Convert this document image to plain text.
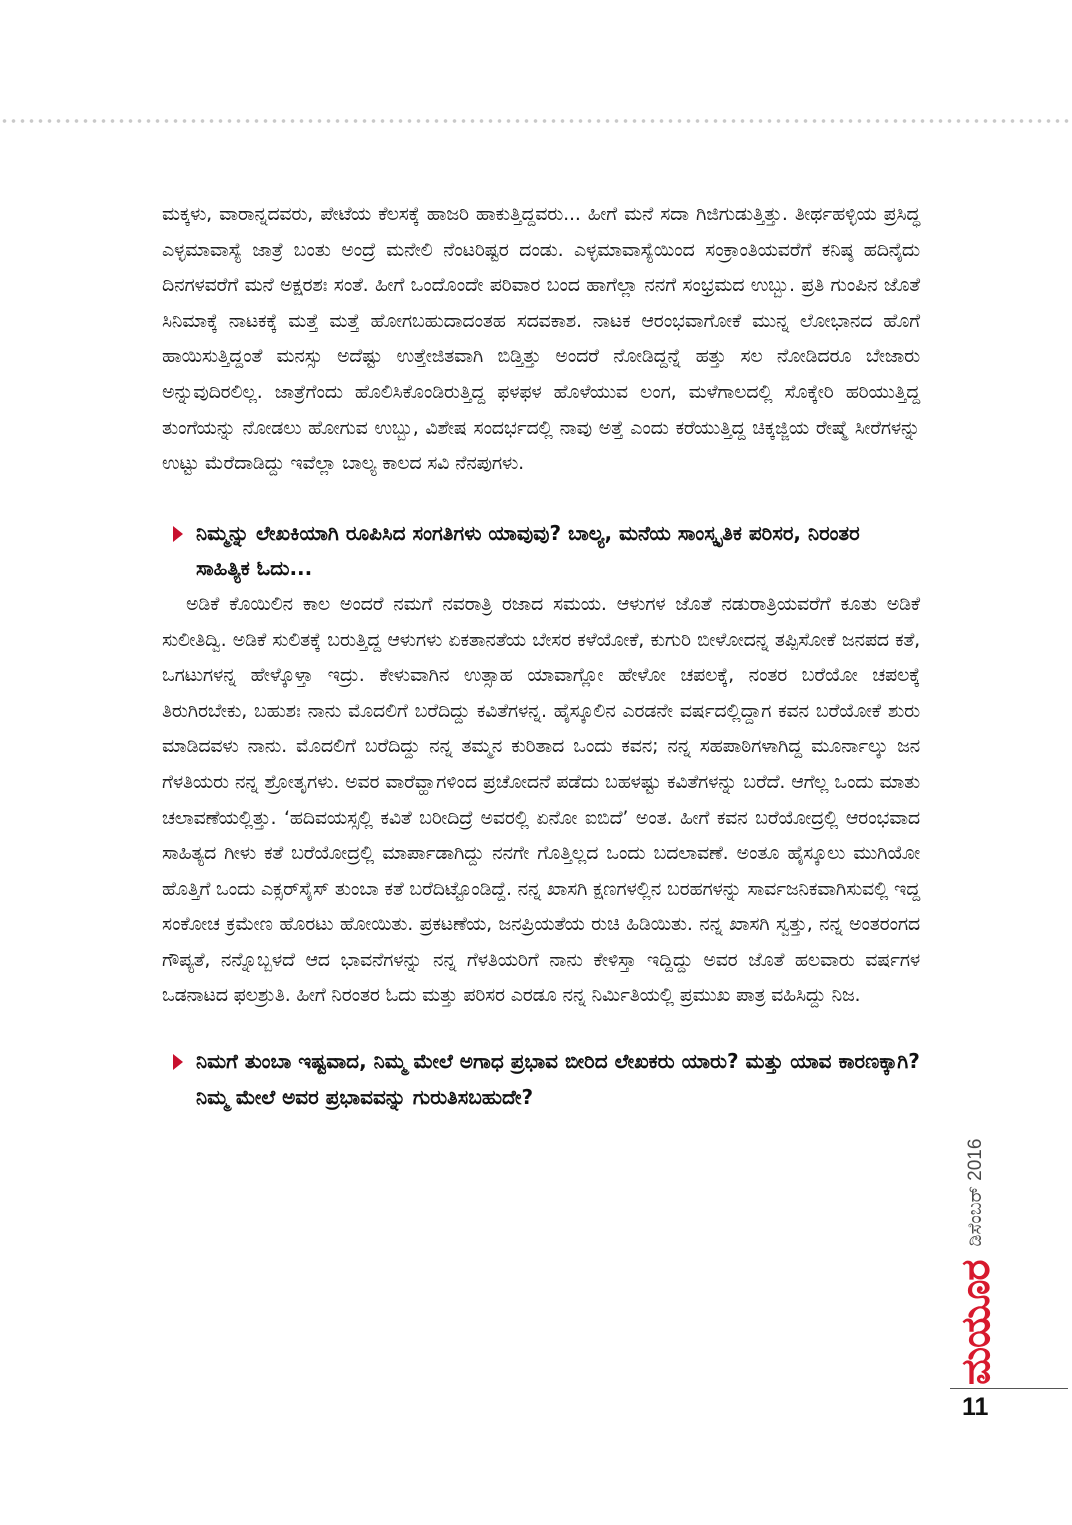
ಮಕ್ಕಳು, ವಾರಾನ್ನದವರು, ಪೇಟೆಯ ಕೆಲಸಕ್ಕೆ ಹಾಜರಿ ಹಾಕುತ್ತಿದ್ದವರು... ಹೀಗೆ ಮನೆ ಸದಾ ಗಿಜಿಗುಡುತ್ತಿತ್ತು. ತೀರ್ಥಹಳ್ಳಿಯ ಪ್ರಸಿದ್ಧ ಎಳ್ಳಮಾವಾಸ್ಯೆ ಜಾತ್ರೆ ಬಂತು ಅಂದ್ರೆ ಮನೇಲಿ ನೆಂಟರಿಷ್ಟರ ದಂಡು. ಎಳ್ಳಮಾವಾಸ್ಯೆಯಿಂದ ಸಂಕ್ರಾಂತಿಯವರೆಗೆ ಕನಿಷ್ಠ ಹದಿನೈದು ದಿನಗಳವರೆಗೆ ಮನೆ ಅಕ್ಷರಶಃ ಸಂತೆ. ಹೀಗೆ ಒಂದೊಂದೇ ಪರಿವಾರ ಬಂದ ಹಾಗೆಲ್ಲಾ ನನಗೆ ಸಂಭ್ರಮದ ಉಬ್ಬು. ಪ್ರತಿ ಗುಂಪಿನ ಜೊತೆ ಸಿನಿಮಾಕ್ಕೆ ನಾಟಕಕ್ಕೆ ಮತ್ತೆ ಮತ್ತೆ ಹೋಗಬಹುದಾದಂತಹ ಸದವಕಾಶ. ನಾಟಕ ಆರಂಭವಾಗೋಕೆ ಮುನ್ನ ಲೋಭಾನದ ಹೊಗೆ ಹಾಯಿಸುತ್ತಿದ್ದಂತೆ ಮನಸ್ಸು ಅದೆಷ್ಟು ಉತ್ತೇಜಿತವಾಗಿ ಬಿಡ್ತಿತ್ತು ಅಂದರೆ ನೋಡಿದ್ದನ್ನೆ ಹತ್ತು ಸಲ ನೋಡಿದರೂ ಬೇಜಾರು ಅನ್ನುವುದಿರಲಿಲ್ಲ. ಜಾತ್ರೆಗೆಂದು ಹೊಲಿಸಿಕೊಂಡಿರುತ್ತಿದ್ದ ಫಳಫಳ ಹೊಳೆಯುವ ಲಂಗ, ಮಳೆಗಾಲದಲ್ಲಿ ಸೊಕ್ಕೇರಿ ಹರಿಯುತ್ತಿದ್ದ ತುಂಗೆಯನ್ನು ನೋಡಲು ಹೋಗುವ ಉಬ್ಬು, ವಿಶೇಷ ಸಂದರ್ಭದಲ್ಲಿ ನಾವು ಅತ್ತೆ ಎಂದು ಕರೆಯುತ್ತಿದ್ದ ಚಿಕ್ಕಜ್ಜಿಯ ರೇಷ್ಮೆ ಸೀರೆಗಳನ್ನು ಉಟ್ಟು ಮೆರೆದಾಡಿದ್ದು ಇವೆಲ್ಲಾ ಬಾಲ್ಯ ಕಾಲದ ಸವಿ ನೆನಪುಗಳು.

ನಿಮ್ಮನ್ನು ಲೇಖಕಿಯಾಗಿ ರೂಪಿಸಿದ ಸಂಗತಿಗಳು ಯಾವುವು? ಬಾಲ್ಯ, ಮನೆಯ ಸಾಂಸ್ಕೃತಿಕ ಪರಿಸರ, ನಿರಂತರ ಸಾಹಿತ್ಯಿಕ ಓದು...

ಅಡಿಕೆ ಕೊಯಿಲಿನ ಕಾಲ ಅಂದರೆ ನಮಗೆ ನವರಾತ್ರಿ ರಜಾದ ಸಮಯ. ಆಳುಗಳ ಜೊತೆ ನಡುರಾತ್ರಿಯವರೆಗೆ ಕೂತು ಅಡಿಕೆ ಸುಲೀತಿದ್ವಿ. ಅಡಿಕೆ ಸುಲಿತಕ್ಕೆ ಬರುತ್ತಿದ್ದ ಆಳುಗಳು ಏಕತಾನತೆಯ ಬೇಸರ ಕಳೆಯೋಕೆ, ಕುಗುರಿ ಬೀಳೋದನ್ನ ತಪ್ಪಿಸೋಕೆ ಜನಪದ ಕತೆ, ಒಗಟುಗಳನ್ನ ಹೇಳ್ಕೊಳ್ತಾ ಇದ್ರು. ಕೇಳುವಾಗಿನ ಉತ್ಸಾಹ ಯಾವಾಗ್ಲೋ ಹೇಳೋ ಚಪಲಕ್ಕೆ, ನಂತರ ಬರೆಯೋ ಚಪಲಕ್ಕೆ ತಿರುಗಿರಬೇಕು, ಬಹುಶಃ ನಾನು ಮೊದಲಿಗೆ ಬರೆದಿದ್ದು ಕವಿತೆಗಳನ್ನ. ಹೈಸ್ಕೂಲಿನ ಎರಡನೇ ವರ್ಷದಲ್ಲಿದ್ದಾಗ ಕವನ ಬರೆಯೋಕೆ ಶುರು ಮಾಡಿದವಳು ನಾನು. ಮೊದಲಿಗೆ ಬರೆದಿದ್ದು ನನ್ನ ತಮ್ಮನ ಕುರಿತಾದ ಒಂದು ಕವನ; ನನ್ನ ಸಹಪಾಠಿಗಳಾಗಿದ್ದ ಮೂರ್ನಾಲ್ಕು ಜನ ಗೆಳತಿಯರು ನನ್ನ ಶ್ರೋತೃಗಳು. ಅವರ ವಾರೆವ್ಹಾಗಳಿಂದ ಪ್ರಚೋದನೆ ಪಡೆದು ಬಹಳಷ್ಟು ಕವಿತೆಗಳನ್ನು ಬರೆದೆ. ಆಗೆಲ್ಲ ಒಂದು ಮಾತು ಚಲಾವಣೆಯಲ್ಲಿತ್ತು. ‘ಹದಿವಯಸ್ಸಲ್ಲಿ ಕವಿತೆ ಬರೀದಿದ್ರೆ ಅವರಲ್ಲಿ ಏನೋ ಐಬಿದೆ’ ಅಂತ. ಹೀಗೆ ಕವನ ಬರೆಯೋದ್ರಲ್ಲಿ ಆರಂಭವಾದ ಸಾಹಿತ್ಯದ ಗೀಳು ಕತೆ ಬರೆಯೋದ್ರಲ್ಲಿ ಮಾರ್ಪಾಡಾಗಿದ್ದು ನನಗೇ ಗೊತ್ತಿಲ್ಲದ ಒಂದು ಬದಲಾವಣೆ. ಅಂತೂ ಹೈಸ್ಕೂಲು ಮುಗಿಯೋ ಹೊತ್ತಿಗೆ ಒಂದು ಎಕ್ಸರ್‌ಸೈಸ್ ತುಂಬಾ ಕತೆ ಬರೆದಿಟ್ಟೊಂಡಿದ್ದೆ. ನನ್ನ ಖಾಸಗಿ ಕ್ಷಣಗಳಲ್ಲಿನ ಬರಹಗಳನ್ನು ಸಾರ್ವಜನಿಕವಾಗಿಸುವಲ್ಲಿ ಇದ್ದ ಸಂಕೋಚ ಕ್ರಮೇಣ ಹೊರಟು ಹೋಯಿತು. ಪ್ರಕಟಣೆಯ, ಜನಪ್ರಿಯತೆಯ ರುಚಿ ಹಿಡಿಯಿತು. ನನ್ನ ಖಾಸಗಿ ಸ್ವತ್ತು, ನನ್ನ ಅಂತರಂಗದ ಗೌಪ್ಯತೆ, ನನ್ನೊಬ್ಬಳದೆ ಆದ ಭಾವನೆಗಳನ್ನು ನನ್ನ ಗೆಳತಿಯರಿಗೆ ನಾನು ಕೇಳಿಸ್ತಾ ಇದ್ದಿದ್ದು ಅವರ ಜೊತೆ ಹಲವಾರು ವರ್ಷಗಳ ಒಡನಾಟದ ಫಲಶ್ರುತಿ. ಹೀಗೆ ನಿರಂತರ ಓದು ಮತ್ತು ಪರಿಸರ ಎರಡೂ ನನ್ನ ನಿರ್ಮಿತಿಯಲ್ಲಿ ಪ್ರಮುಖ ಪಾತ್ರ ವಹಿಸಿದ್ದು ನಿಜ.

ನಿಮಗೆ ತುಂಬಾ ಇಷ್ಟವಾದ, ನಿಮ್ಮ ಮೇಲೆ ಅಗಾಧ ಪ್ರಭಾವ ಬೀರಿದ ಲೇಖಕರು ಯಾರು? ಮತ್ತು ಯಾವ ಕಾರಣಕ್ಕಾಗಿ? ನಿಮ್ಮ ಮೇಲೆ ಅವರ ಪ್ರಭಾವವನ್ನು ಗುರುತಿಸಬಹುದೇ?

ಮಯೂರ
ಡಿಸೆಂಬರ್ 2016
11
